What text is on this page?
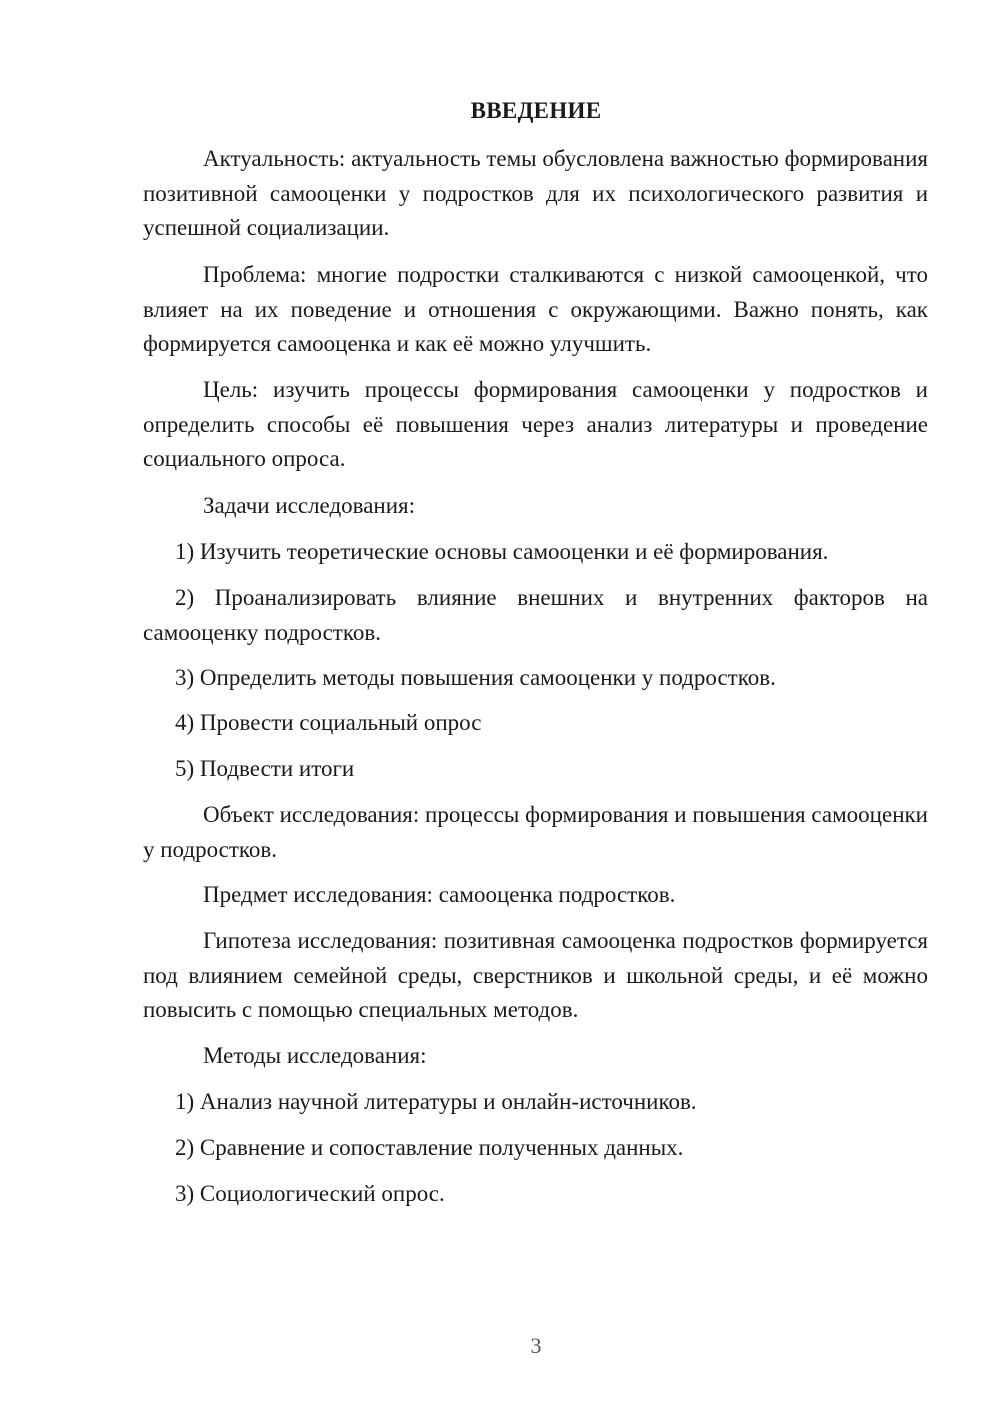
ВВЕДЕНИЕ

Актуальность: актуальность темы обусловлена важностью формирования позитивной самооценки у подростков для их психологического развития и успешной социализации.

Проблема: многие подростки сталкиваются с низкой самооценкой, что влияет на их поведение и отношения с окружающими. Важно понять, как формируется самооценка и как её можно улучшить.

Цель: изучить процессы формирования самооценки у подростков и определить способы её повышения через анализ литературы и проведение социального опроса.

Задачи исследования:

1) Изучить теоретические основы самооценки и её формирования.

2) Проанализировать влияние внешних и внутренних факторов на самооценку подростков.

3) Определить методы повышения самооценки у подростков.

4) Провести социальный опрос

5) Подвести итоги

Объект исследования: процессы формирования и повышения самооценки у подростков.

Предмет исследования: самооценка подростков.

Гипотеза исследования: позитивная самооценка подростков формируется под влиянием семейной среды, сверстников и школьной среды, и её можно повысить с помощью специальных методов.

Методы исследования:

1) Анализ научной литературы и онлайн-источников.

2) Сравнение и сопоставление полученных данных.

3) Социологический опрос.

3
